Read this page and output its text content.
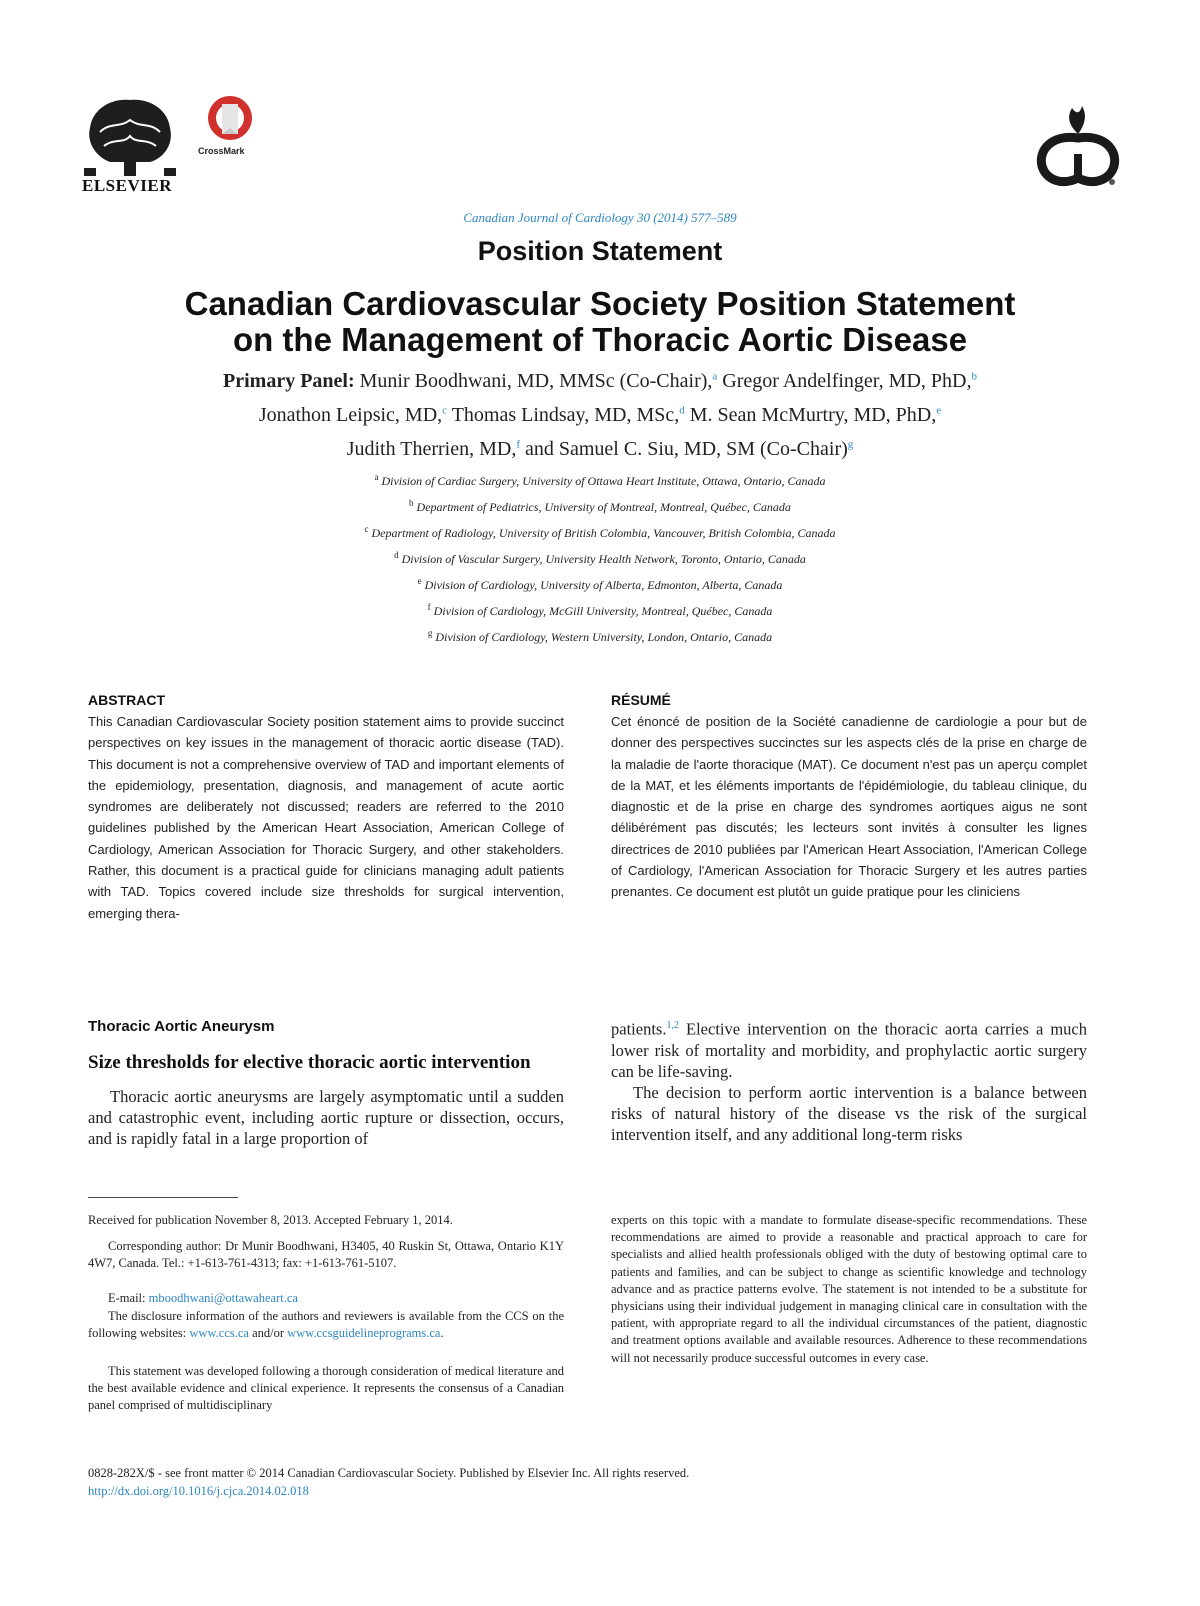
ELSEVIER
CrossMark
Canadian Journal of Cardiology 30 (2014) 577–589
Position Statement
Canadian Cardiovascular Society Position Statement
on the Management of Thoracic Aortic Disease
Primary Panel: Munir Boodhwani, MD, MMSc (Co-Chair),$^a$ Gregor Andelfinger, MD, PhD,$^b$
Jonathon Leipsic, MD,$^c$ Thomas Lindsay, MD, MSc,$^d$ M. Sean McMurtry, MD, PhD,$^e$
Judith Therrien, MD,$^f$ and Samuel C. Siu, MD, SM (Co-Chair)$^g$
$^a$ Division of Cardiac Surgery, University of Ottawa Heart Institute, Ottawa, Ontario, Canada
$^b$ Department of Pediatrics, University of Montreal, Montreal, Québec, Canada
$^c$ Department of Radiology, University of British Colombia, Vancouver, British Colombia, Canada
$^d$ Division of Vascular Surgery, University Health Network, Toronto, Ontario, Canada
$^e$ Division of Cardiology, University of Alberta, Edmonton, Alberta, Canada
$^f$ Division of Cardiology, McGill University, Montreal, Québec, Canada
$^g$ Division of Cardiology, Western University, London, Ontario, Canada
ABSTRACT
This Canadian Cardiovascular Society position statement aims to provide succinct perspectives on key issues in the management of thoracic aortic disease (TAD). This document is not a comprehensive overview of TAD and important elements of the epidemiology, presentation, diagnosis, and management of acute aortic syndromes are deliberately not discussed; readers are referred to the 2010 guidelines published by the American Heart Association, American College of Cardiology, American Association for Thoracic Surgery, and other stakeholders. Rather, this document is a practical guide for clinicians managing adult patients with TAD. Topics covered include size thresholds for surgical intervention, emerging thera-
RÉSUMÉ
Cet énoncé de position de la Société canadienne de cardiologie a pour but de donner des perspectives succinctes sur les aspects clés de la prise en charge de la maladie de l'aorte thoracique (MAT). Ce document n'est pas un aperçu complet de la MAT, et les éléments importants de l'épidémiologie, du tableau clinique, du diagnostic et de la prise en charge des syndromes aortiques aigus ne sont délibérément pas discutés; les lecteurs sont invités à consulter les lignes directrices de 2010 publiées par l'American Heart Association, l'American College of Cardiology, l'American Association for Thoracic Surgery et les autres parties prenantes. Ce document est plutôt un guide pratique pour les cliniciens
Thoracic Aortic Aneurysm
Size thresholds for elective thoracic aortic intervention
Thoracic aortic aneurysms are largely asymptomatic until a sudden and catastrophic event, including aortic rupture or dissection, occurs, and is rapidly fatal in a large proportion of
patients.$^{1,2}$ Elective intervention on the thoracic aorta carries a much lower risk of mortality and morbidity, and prophylactic aortic surgery can be life-saving.
The decision to perform aortic intervention is a balance between risks of natural history of the disease vs the risk of the surgical intervention itself, and any additional long-term risks
Received for publication November 8, 2013. Accepted February 1, 2014.
Corresponding author: Dr Munir Boodhwani, H3405, 40 Ruskin St, Ottawa, Ontario K1Y 4W7, Canada. Tel.: +1-613-761-4313; fax: +1-613-761-5107.
E-mail: mboodhwani@ottawaheart.ca
The disclosure information of the authors and reviewers is available from the CCS on the following websites: www.ccs.ca and/or www.ccsguidelineprograms.ca.
This statement was developed following a thorough consideration of medical literature and the best available evidence and clinical experience. It represents the consensus of a Canadian panel comprised of multidisciplinary
experts on this topic with a mandate to formulate disease-specific recommendations. These recommendations are aimed to provide a reasonable and practical approach to care for specialists and allied health professionals obliged with the duty of bestowing optimal care to patients and families, and can be subject to change as scientific knowledge and technology advance and as practice patterns evolve. The statement is not intended to be a substitute for physicians using their individual judgement in managing clinical care in consultation with the patient, with appropriate regard to all the individual circumstances of the patient, diagnostic and treatment options available and available resources. Adherence to these recommendations will not necessarily produce successful outcomes in every case.
0828-282X/$ - see front matter © 2014 Canadian Cardiovascular Society. Published by Elsevier Inc. All rights reserved.
http://dx.doi.org/10.1016/j.cjca.2014.02.018
